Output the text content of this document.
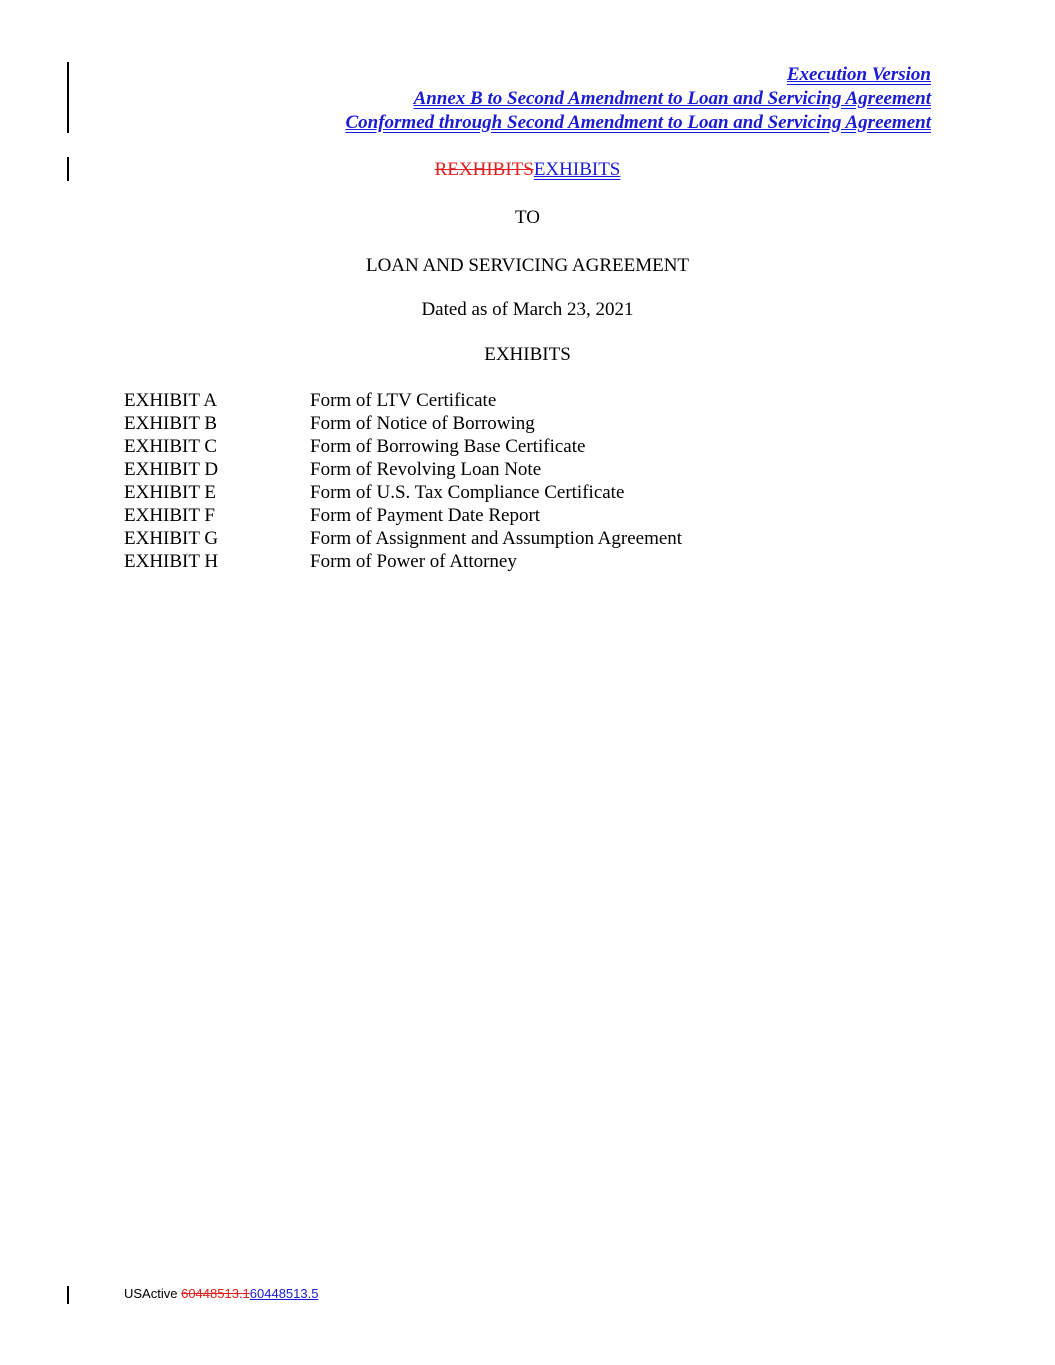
Execution Version
Annex B to Second Amendment to Loan and Servicing Agreement
Conformed through Second Amendment to Loan and Servicing Agreement
REXHIBITSEXHIBITS
TO
LOAN AND SERVICING AGREEMENT
Dated as of March 23, 2021
EXHIBITS
EXHIBIT A	Form of LTV Certificate
EXHIBIT B	Form of Notice of Borrowing
EXHIBIT C	Form of Borrowing Base Certificate
EXHIBIT D	Form of Revolving Loan Note
EXHIBIT E	Form of U.S. Tax Compliance Certificate
EXHIBIT F	Form of Payment Date Report
EXHIBIT G	Form of Assignment and Assumption Agreement
EXHIBIT H	Form of Power of Attorney
USActive 60448513.160448513.5
